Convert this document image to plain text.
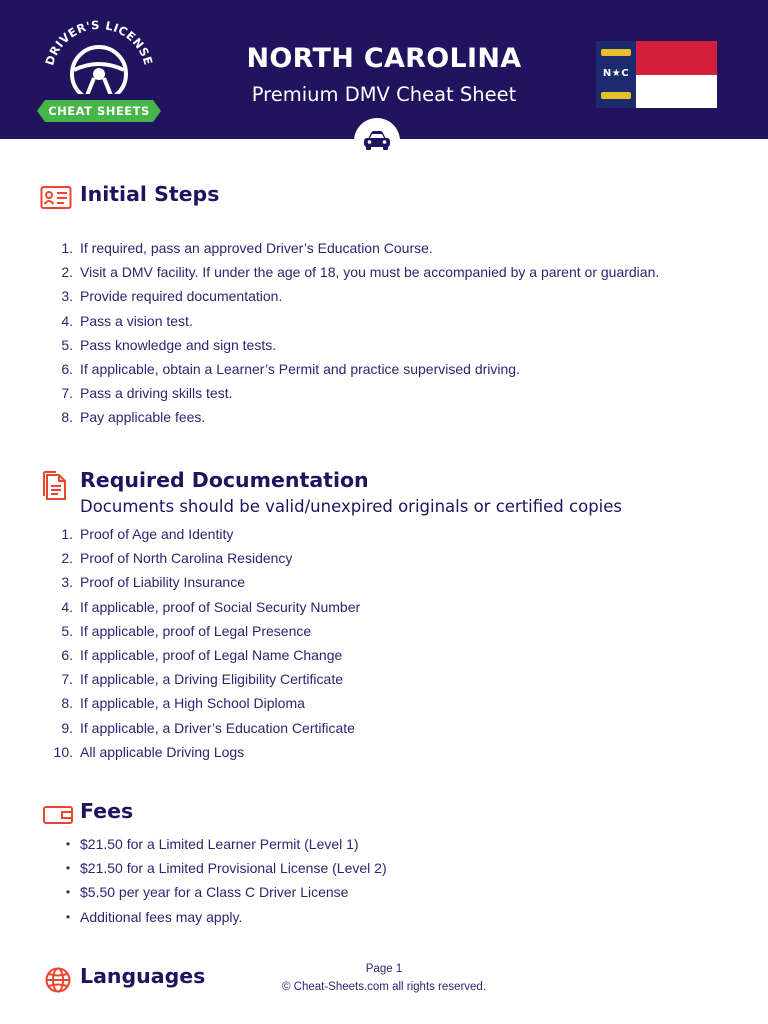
DRIVER'S LICENSE
CHEAT SHEETS
NORTH CAROLINA
Premium DMV Cheat Sheet
N★C
Initial Steps
1. If required, pass an approved Driver’s Education Course.
2. Visit a DMV facility. If under the age of 18, you must be accompanied by a parent or guardian.
3. Provide required documentation.
4. Pass a vision test.
5. Pass knowledge and sign tests.
6. If applicable, obtain a Learner’s Permit and practice supervised driving.
7. Pass a driving skills test.
8. Pay applicable fees.
Required Documentation
Documents should be valid/unexpired originals or certified copies
1. Proof of Age and Identity
2. Proof of North Carolina Residency
3. Proof of Liability Insurance
4. If applicable, proof of Social Security Number
5. If applicable, proof of Legal Presence
6. If applicable, proof of Legal Name Change
7. If applicable, a Driving Eligibility Certificate
8. If applicable, a High School Diploma
9. If applicable, a Driver’s Education Certificate
10. All applicable Driving Logs
Fees
• $21.50 for a Limited Learner Permit (Level 1)
• $21.50 for a Limited Provisional License (Level 2)
• $5.50 per year for a Class C Driver License
• Additional fees may apply.
Languages	Page 1
© Cheat-Sheets.com all rights reserved.
